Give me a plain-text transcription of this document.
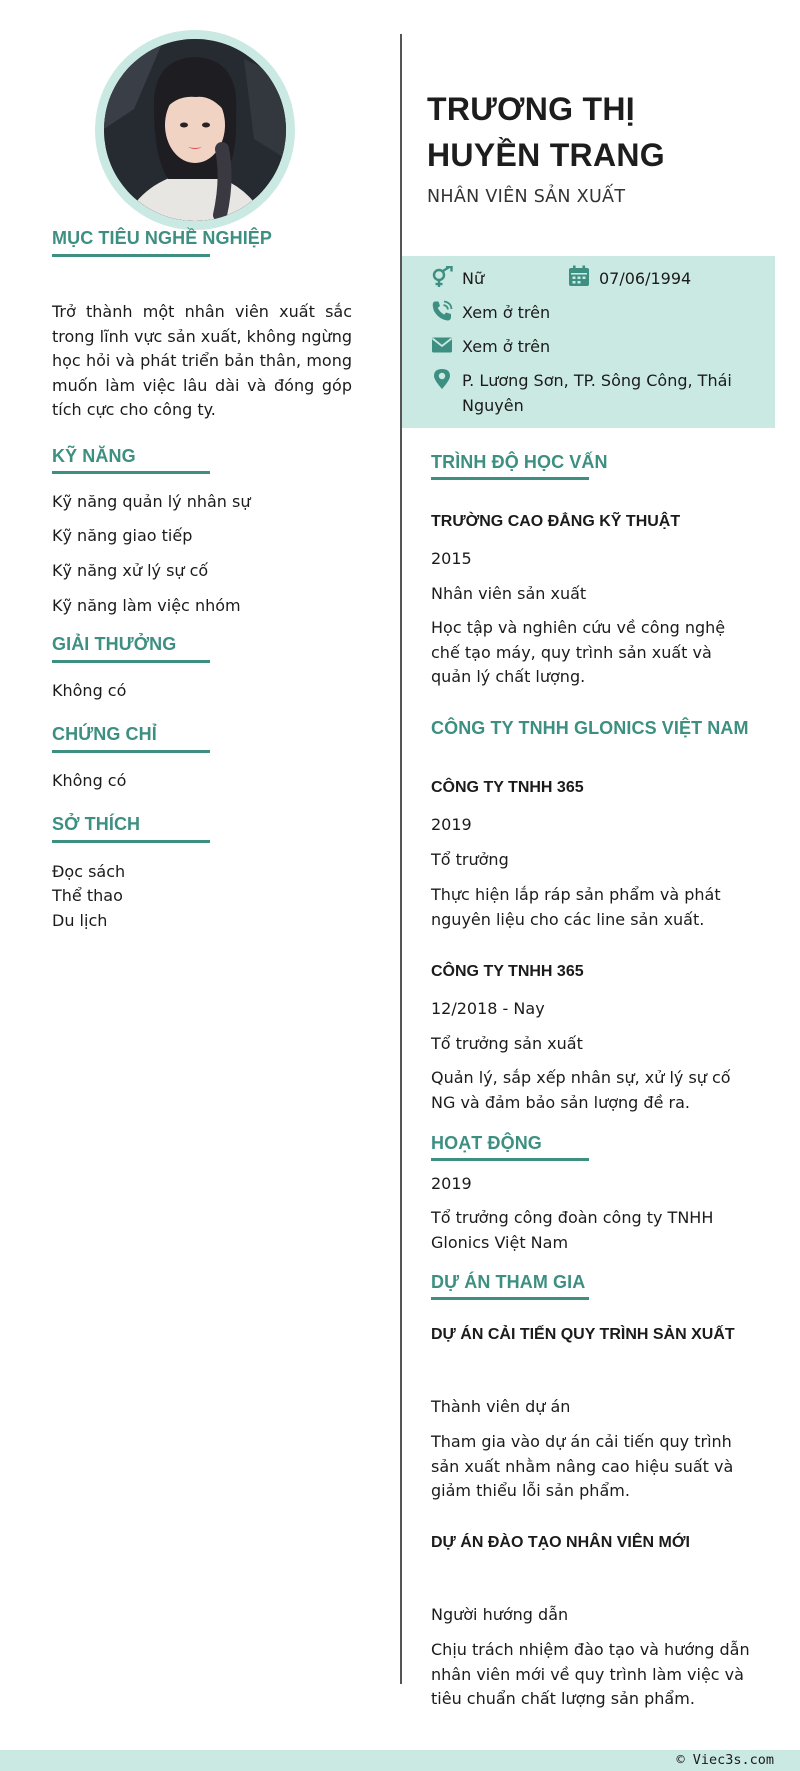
MỤC TIÊU NGHỀ NGHIỆP

Trở thành một nhân viên xuất sắc trong lĩnh vực sản xuất, không ngừng học hỏi và phát triển bản thân, mong muốn làm việc lâu dài và đóng góp tích cực cho công ty.

KỸ NĂNG

Kỹ năng quản lý nhân sự

Kỹ năng giao tiếp

Kỹ năng xử lý sự cố

Kỹ năng làm việc nhóm

GIẢI THƯỞNG

Không có

CHỨNG CHỈ

Không có

SỞ THÍCH

Đọc sách

Thể thao

Du lịch

TRƯƠNG THỊ HUYỀN TRANG

NHÂN VIÊN SẢN XUẤT

Nữ	07/06/1994

Xem ở trên

Xem ở trên

P. Lương Sơn, TP. Sông Công, Thái Nguyên

TRÌNH ĐỘ HỌC VẤN

TRƯỜNG CAO ĐẲNG KỸ THUẬT

2015

Nhân viên sản xuất

Học tập và nghiên cứu về công nghệ chế tạo máy, quy trình sản xuất và quản lý chất lượng.

CÔNG TY TNHH GLONICS VIỆT NAM

CÔNG TY TNHH 365

2019

Tổ trưởng

Thực hiện lắp ráp sản phẩm và phát nguyên liệu cho các line sản xuất.

CÔNG TY TNHH 365

12/2018 - Nay

Tổ trưởng sản xuất

Quản lý, sắp xếp nhân sự, xử lý sự cố NG và đảm bảo sản lượng đề ra.

HOẠT ĐỘNG

2019

Tổ trưởng công đoàn công ty TNHH Glonics Việt Nam

DỰ ÁN THAM GIA

DỰ ÁN CẢI TIẾN QUY TRÌNH SẢN XUẤT

Thành viên dự án

Tham gia vào dự án cải tiến quy trình sản xuất nhằm nâng cao hiệu suất và giảm thiểu lỗi sản phẩm.

DỰ ÁN ĐÀO TẠO NHÂN VIÊN MỚI

Người hướng dẫn

Chịu trách nhiệm đào tạo và hướng dẫn nhân viên mới về quy trình làm việc và tiêu chuẩn chất lượng sản phẩm.

© Viec3s.com
